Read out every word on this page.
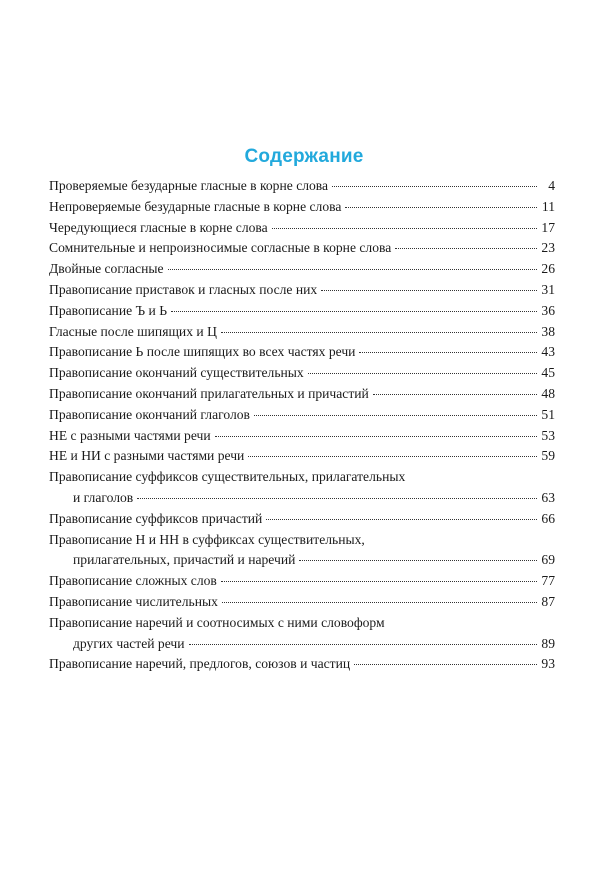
Содержание
Проверяемые безударные гласные в корне слова	4
Непроверяемые безударные гласные в корне слова	11
Чередующиеся гласные в корне слова	17
Сомнительные и непроизносимые согласные в корне слова	23
Двойные согласные	26
Правописание приставок и гласных после них	31
Правописание Ъ и Ь	36
Гласные после шипящих и Ц	38
Правописание Ь после шипящих во всех частях речи	43
Правописание окончаний существительных	45
Правописание окончаний прилагательных и причастий	48
Правописание окончаний глаголов	51
НЕ с разными частями речи	53
НЕ и НИ с разными частями речи	59
Правописание суффиксов существительных, прилагательных
и глаголов	63
Правописание суффиксов причастий	66
Правописание Н и НН в суффиксах существительных,
прилагательных, причастий и наречий	69
Правописание сложных слов	77
Правописание числительных	87
Правописание наречий и соотносимых с ними словоформ
других частей речи	89
Правописание наречий, предлогов, союзов и частиц	93
